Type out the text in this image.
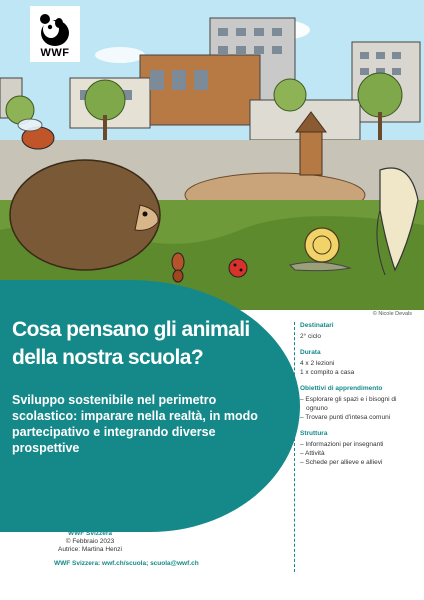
WWF
© Nicole Devals
Cosa pensano gli animali
della nostra scuola?

Sviluppo sostenibile nel perimetro scolastico: imparare nella realtà, in modo partecipativo e integrando diverse prospettive

Destinatari
2° ciclo
Durata
4 x 2 lezioni
1 x compito a casa
Obiettivi di apprendimento
– Esplorare gli spazi e i bisogni di
ognuno
– Trovare punti d'intesa comuni
Struttura
– Informazioni per insegnanti
– Attività
– Schede per allieve e allievi
WWF Svizzera
© Febbraio 2023
Autrice: Martina Henzi
WWF Svizzera: wwf.ch/scuola; scuola@wwf.ch
